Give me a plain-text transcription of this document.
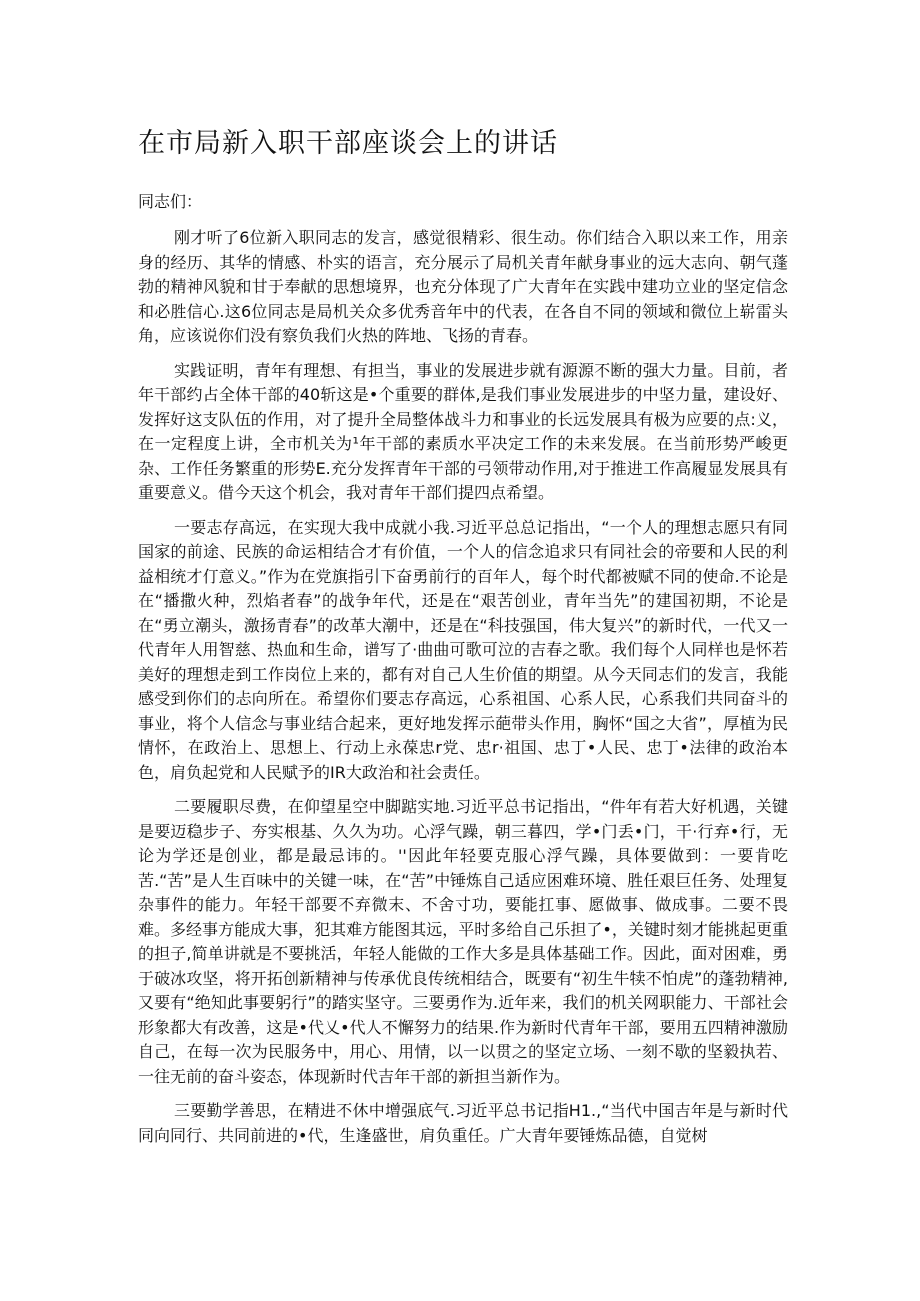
在市局新入职干部座谈会上的讲话

同志们：

刚才听了6位新入职同志的发言，感觉很精彩、很生动。你们结合入职以来工作，用亲身的经历、其华的情感、朴实的语言，充分展示了局机关青年献身事业的远大志向、朝气蓬勃的精神风貌和甘于奉献的思想境界，也充分体现了广大青年在实践中建功立业的坚定信念和必胜信心.这6位同志是局机关众多优秀音年中的代表，在各自不同的领域和微位上崭雷头角，应该说你们没有察负我们火热的阵地、飞扬的青春。

实践证明，青年有理想、有担当，事业的发展进步就有源源不断的强大力量。目前，者年干部约占全体干部的40斩这是•个重要的群体,是我们事业发展进步的中坚力量，建设好、发挥好这支队伍的作用，对了提升全局整体战斗力和事业的长远发展具有极为应要的点:义，在一定程度上讲，全市机关为¹年干部的素质水平决定工作的未来发展。在当前形势严峻更杂、工作任务繁重的形势E.充分发挥青年干部的弓领带动作用,对于推进工作高履显发展具有重要意义。借今天这个机会，我对青年干部们提四点希望。

一要志存高远，在实现大我中成就小我.习近平总总记指出，“一个人的理想志愿只有同国家的前途、民族的命运相结合才有价值，一个人的信念追求只有同社会的帝要和人民的利益相统才仃意义。”作为在党旗指引下奋勇前行的百年人，每个时代都被赋不同的使命.不论是在“播撒火种，烈焰者春”的战争年代，还是在“艰苦创业，青年当先”的建国初期，不论是在“勇立潮头，激扬青春”的改革大潮中，还是在“科技强国，伟大复兴”的新时代，一代又一代青年人用智慈、热血和生命，谱写了·曲曲可歌可泣的吉春之歌。我们每个人同样也是怀若美好的理想走到工作岗位上来的，都有对自己人生价值的期望。从今天同志们的发言，我能感受到你们的忐向所在。希望你们要志存高远，心系祖国、心系人民，心系我们共同奋斗的事业，将个人信念与事业结合起来，更好地发挥示葩带头作用，胸怀“国之大省”，厚植为民情怀，在政治上、思想上、行动上永葆忠r党、忠r·祖国、忠丁•人民、忠丁•法律的政治本色，肩负起党和人民赋予的IR大政治和社会责任。

二要履职尽费，在仰望星空中脚踮实地.习近平总书记指出，“件年有若大好机遇，关键是要迈稳步子、夯实根基、久久为功。心浮气躁，朝三暮四，学•门丢•门，干·行弃•行，无论为学还是创业，都是最忌讳的。''因此年轻要克服心浮气躁，具体要做到：一要肯吃苦.“苦”是人生百味中的关键一味，在“苦”中锤炼自己适应困难环境、胜任艰巨任务、处理复杂事件的能力。年轻干部要不弃微末、不舍寸功，要能扛事、愿做事、做成事。二要不畏难。多经事方能成大事，犯其难方能图其远，平时多给自己乐担了•，关键时刻才能挑起更重的担子,简单讲就是不要挑活，年轻人能做的工作大多是具体基础工作。因此，面对困难，勇于破冰攻坚，将开拓创新精神与传承优良传统相结合，既要有“初生牛犊不怕虎”的蓬勃精神,又要有“绝知此事要躬行”的踏实坚守。三要勇作为.近年来，我们的机关网职能力、干部社会形象都大有改善，这是•代乂•代人不懈努力的结果.作为新时代青年干部，要用五四精神激励自己，在每一次为民服务中，用心、用情，以一以贯之的坚定立场、一刻不歇的坚毅执若、一往无前的奋斗姿态，体现新时代吉年干部的新担当新作为。

三要勤学善思，在精进不休中增强底气.习近平总书记指H1.,“当代中国吉年是与新时代同向同行、共同前进的•代，生逢盛世，肩负重任。广大青年要锤炼品德，自觉树
